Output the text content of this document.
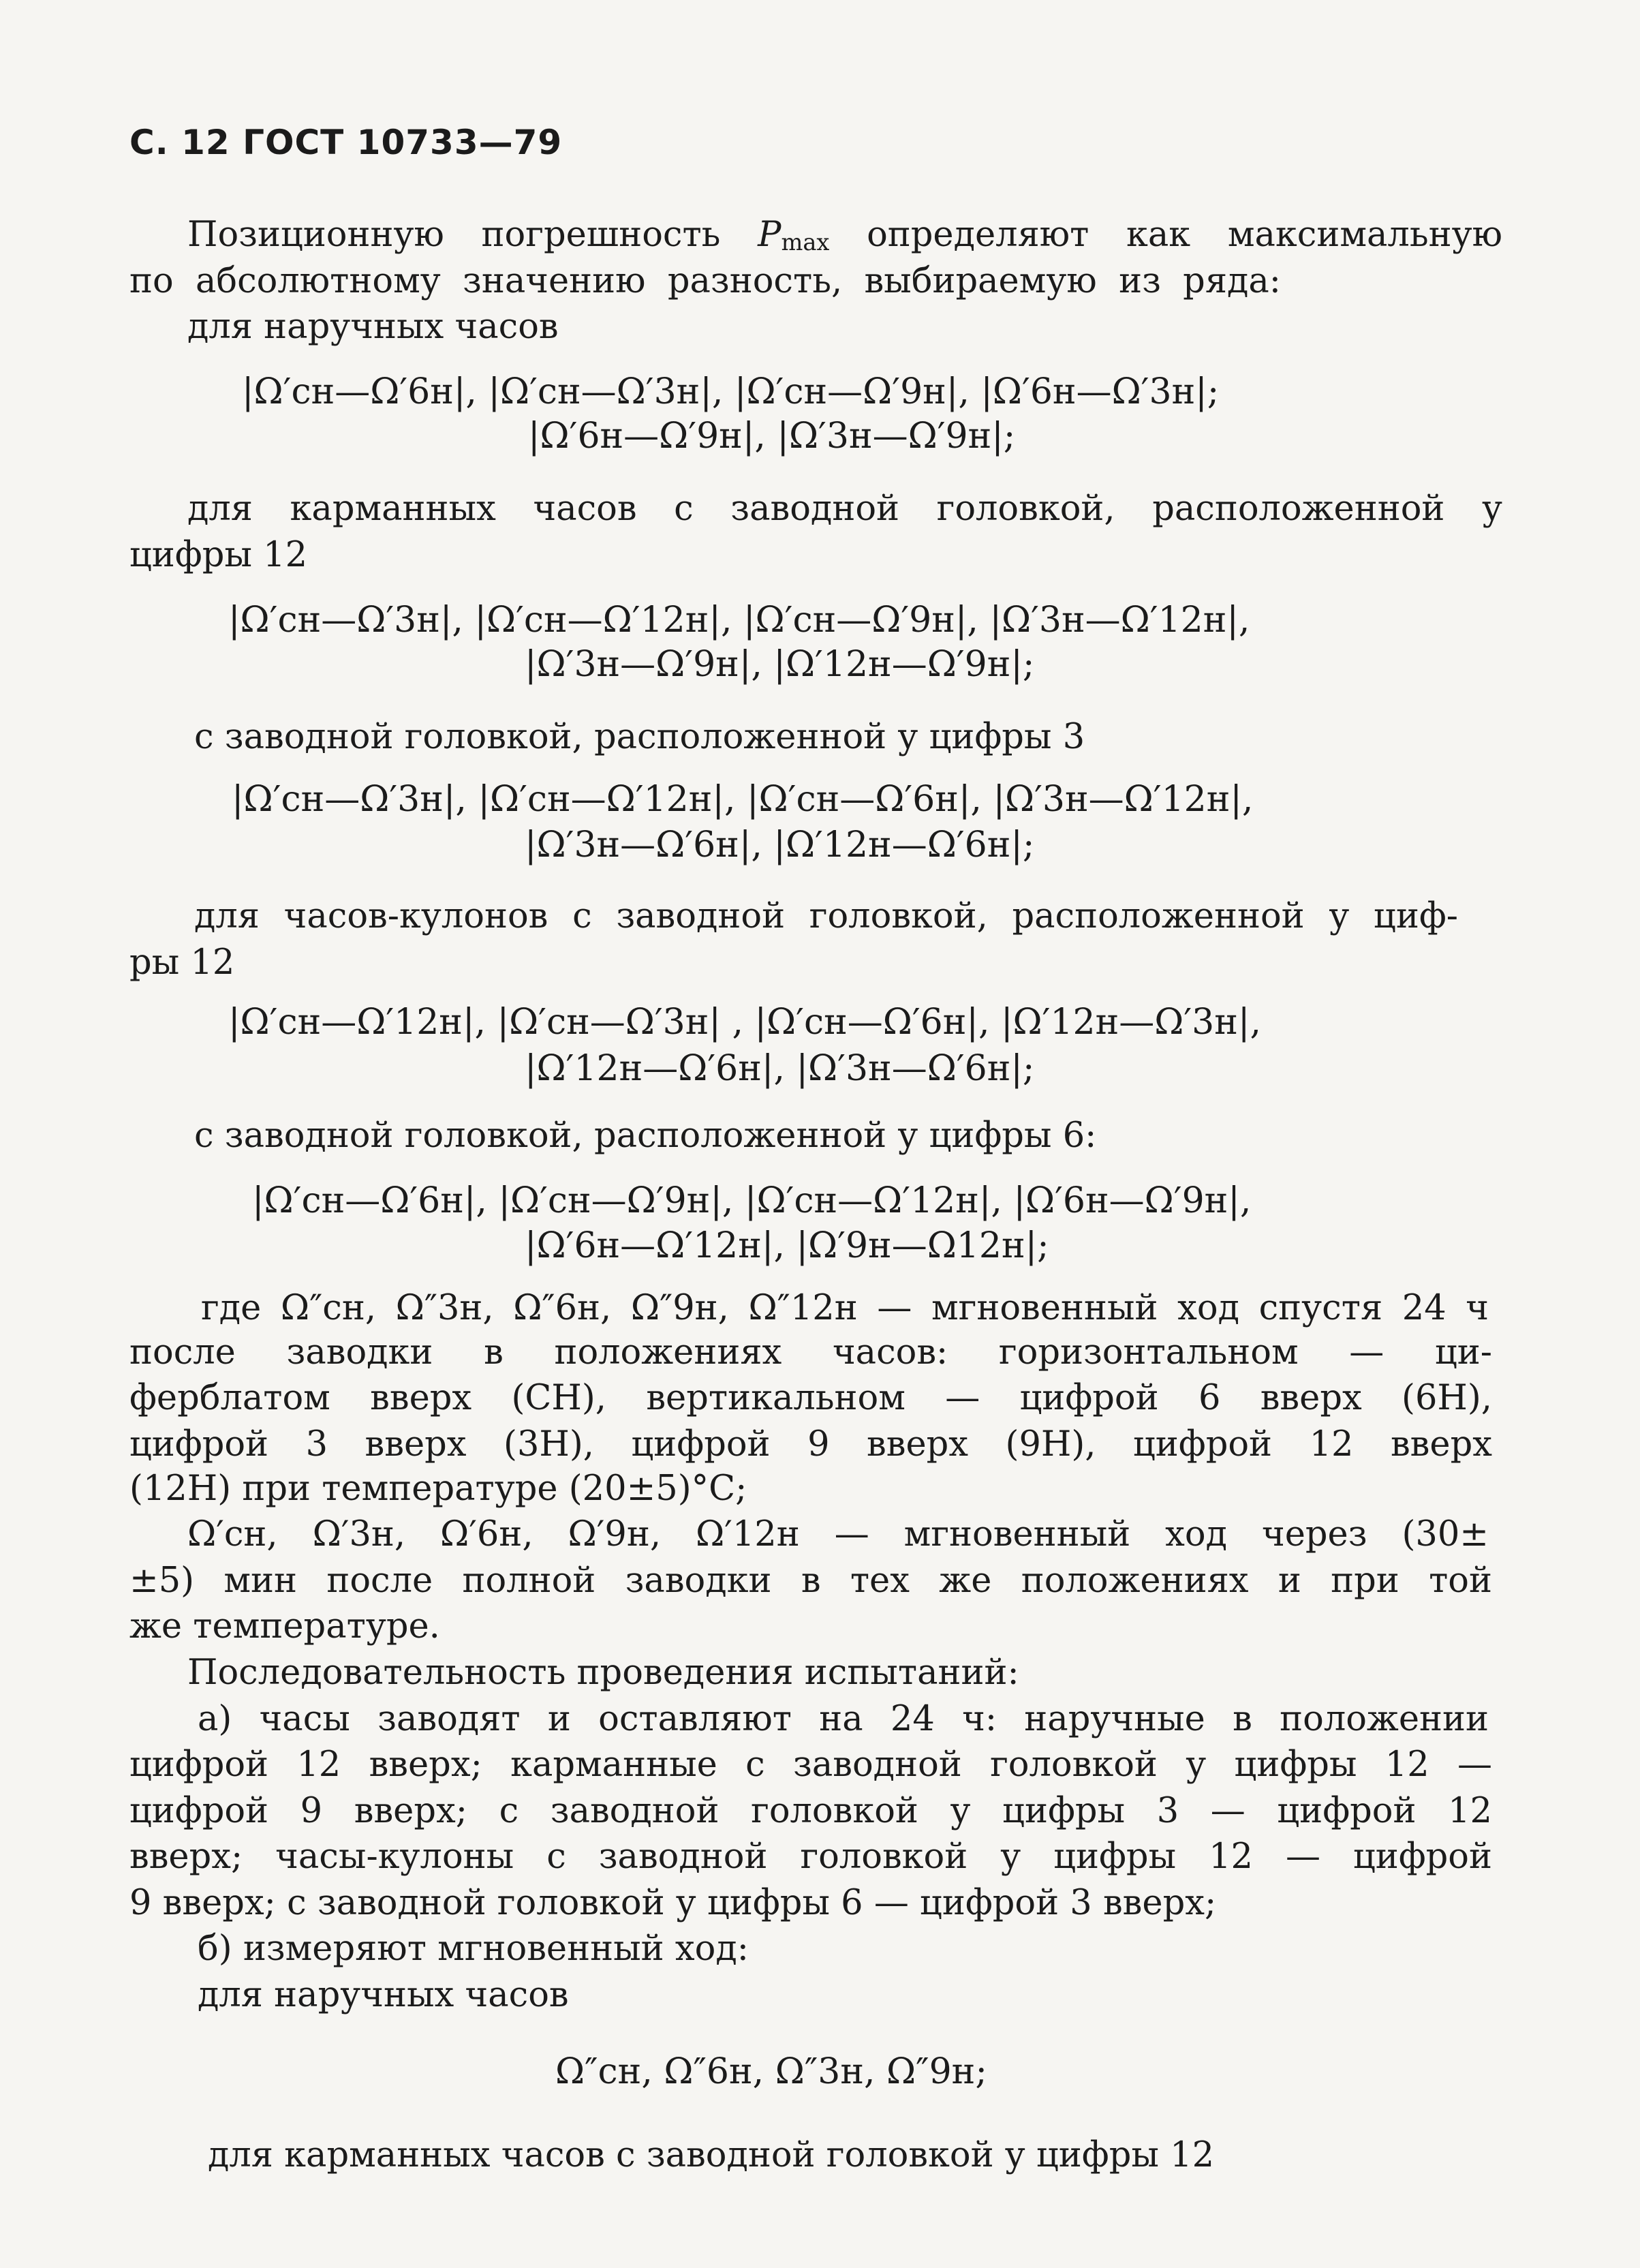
С. 12 ГОСТ 10733—79
Позиционную погрешность Pmax определяют как максимальную
по абсолютному значению разность, выбираемую из ряда:
для наручных часов
|Ω′сн—Ω′6н|, |Ω′сн—Ω′3н|, |Ω′сн—Ω′9н|, |Ω′6н—Ω′3н|;
|Ω′6н—Ω′9н|, |Ω′3н—Ω′9н|;
для карманных часов с заводной головкой, расположенной у
цифры 12
|Ω′сн—Ω′3н|, |Ω′сн—Ω′12н|, |Ω′сн—Ω′9н|, |Ω′3н—Ω′12н|,
|Ω′3н—Ω′9н|, |Ω′12н—Ω′9н|;
с заводной головкой, расположенной у цифры 3
|Ω′сн—Ω′3н|, |Ω′сн—Ω′12н|, |Ω′сн—Ω′6н|, |Ω′3н—Ω′12н|,
|Ω′3н—Ω′6н|, |Ω′12н—Ω′6н|;
для часов-кулонов с заводной головкой, расположенной у циф-
ры 12
|Ω′сн—Ω′12н|, |Ω′сн—Ω′3н| , |Ω′сн—Ω′6н|, |Ω′12н—Ω′3н|,
|Ω′12н—Ω′6н|, |Ω′3н—Ω′6н|;
с заводной головкой, расположенной у цифры 6:
|Ω′сн—Ω′6н|, |Ω′сн—Ω′9н|, |Ω′сн—Ω′12н|, |Ω′6н—Ω′9н|,
|Ω′6н—Ω′12н|, |Ω′9н—Ω12н|;
где Ω″сн, Ω″3н, Ω″6н, Ω″9н, Ω″12н — мгновенный ход спустя 24 ч
после заводки в положениях часов: горизонтальном — ци-
ферблатом вверх (СН), вертикальном — цифрой 6 вверх (6Н),
цифрой 3 вверх (3Н), цифрой 9 вверх (9Н), цифрой 12 вверх
(12Н) при температуре (20±5)°С;
Ω′сн, Ω′3н, Ω′6н, Ω′9н, Ω′12н — мгновенный ход через (30±
±5) мин после полной заводки в тех же положениях и при той
же температуре.
Последовательность проведения испытаний:
а) часы заводят и оставляют на 24 ч: наручные в положении
цифрой 12 вверх; карманные с заводной головкой у цифры 12 —
цифрой 9 вверх; с заводной головкой у цифры 3 — цифрой 12
вверх; часы-кулоны с заводной головкой у цифры 12 — цифрой
9 вверх; с заводной головкой у цифры 6 — цифрой 3 вверх;
б) измеряют мгновенный ход:
для наручных часов
Ω″сн, Ω″6н, Ω″3н, Ω″9н;
для карманных часов с заводной головкой у цифры 12
